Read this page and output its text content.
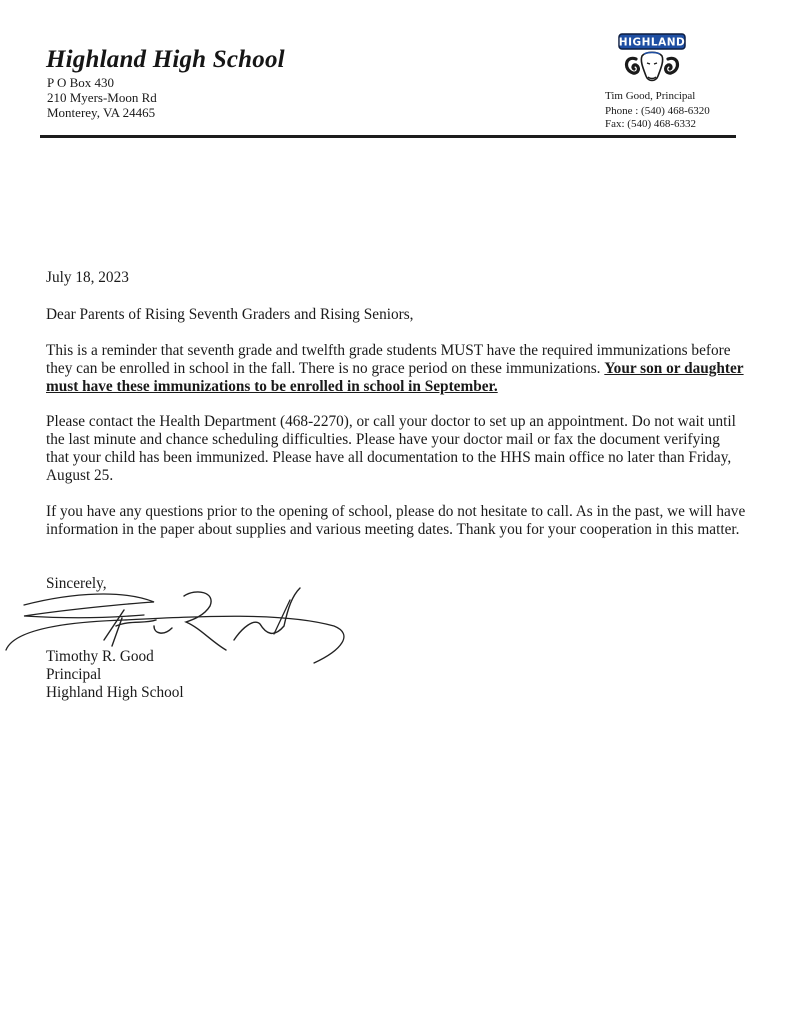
Highland High School
P O Box 430
210 Myers-Moon Rd
Monterey, VA 24465
HIGHLAND
Tim Good, Principal
Phone : (540) 468-6320
Fax: (540) 468-6332
July 18, 2023
Dear Parents of Rising Seventh Graders and Rising Seniors,

This is a reminder that seventh grade and twelfth grade students MUST have the required immunizations before they can be enrolled in school in the fall. There is no grace period on these immunizations. Your son or daughter must have these immunizations to be enrolled in school in September.

Please contact the Health Department (468-2270), or call your doctor to set up an appointment. Do not wait until the last minute and chance scheduling difficulties. Please have your doctor mail or fax the document verifying that your child has been immunized. Please have all documentation to the HHS main office no later than Friday, August 25.

If you have any questions prior to the opening of school, please do not hesitate to call. As in the past, we will have information in the paper about supplies and various meeting dates. Thank you for your cooperation in this matter.

Sincerely,
Timothy R. Good
Principal
Highland High School
